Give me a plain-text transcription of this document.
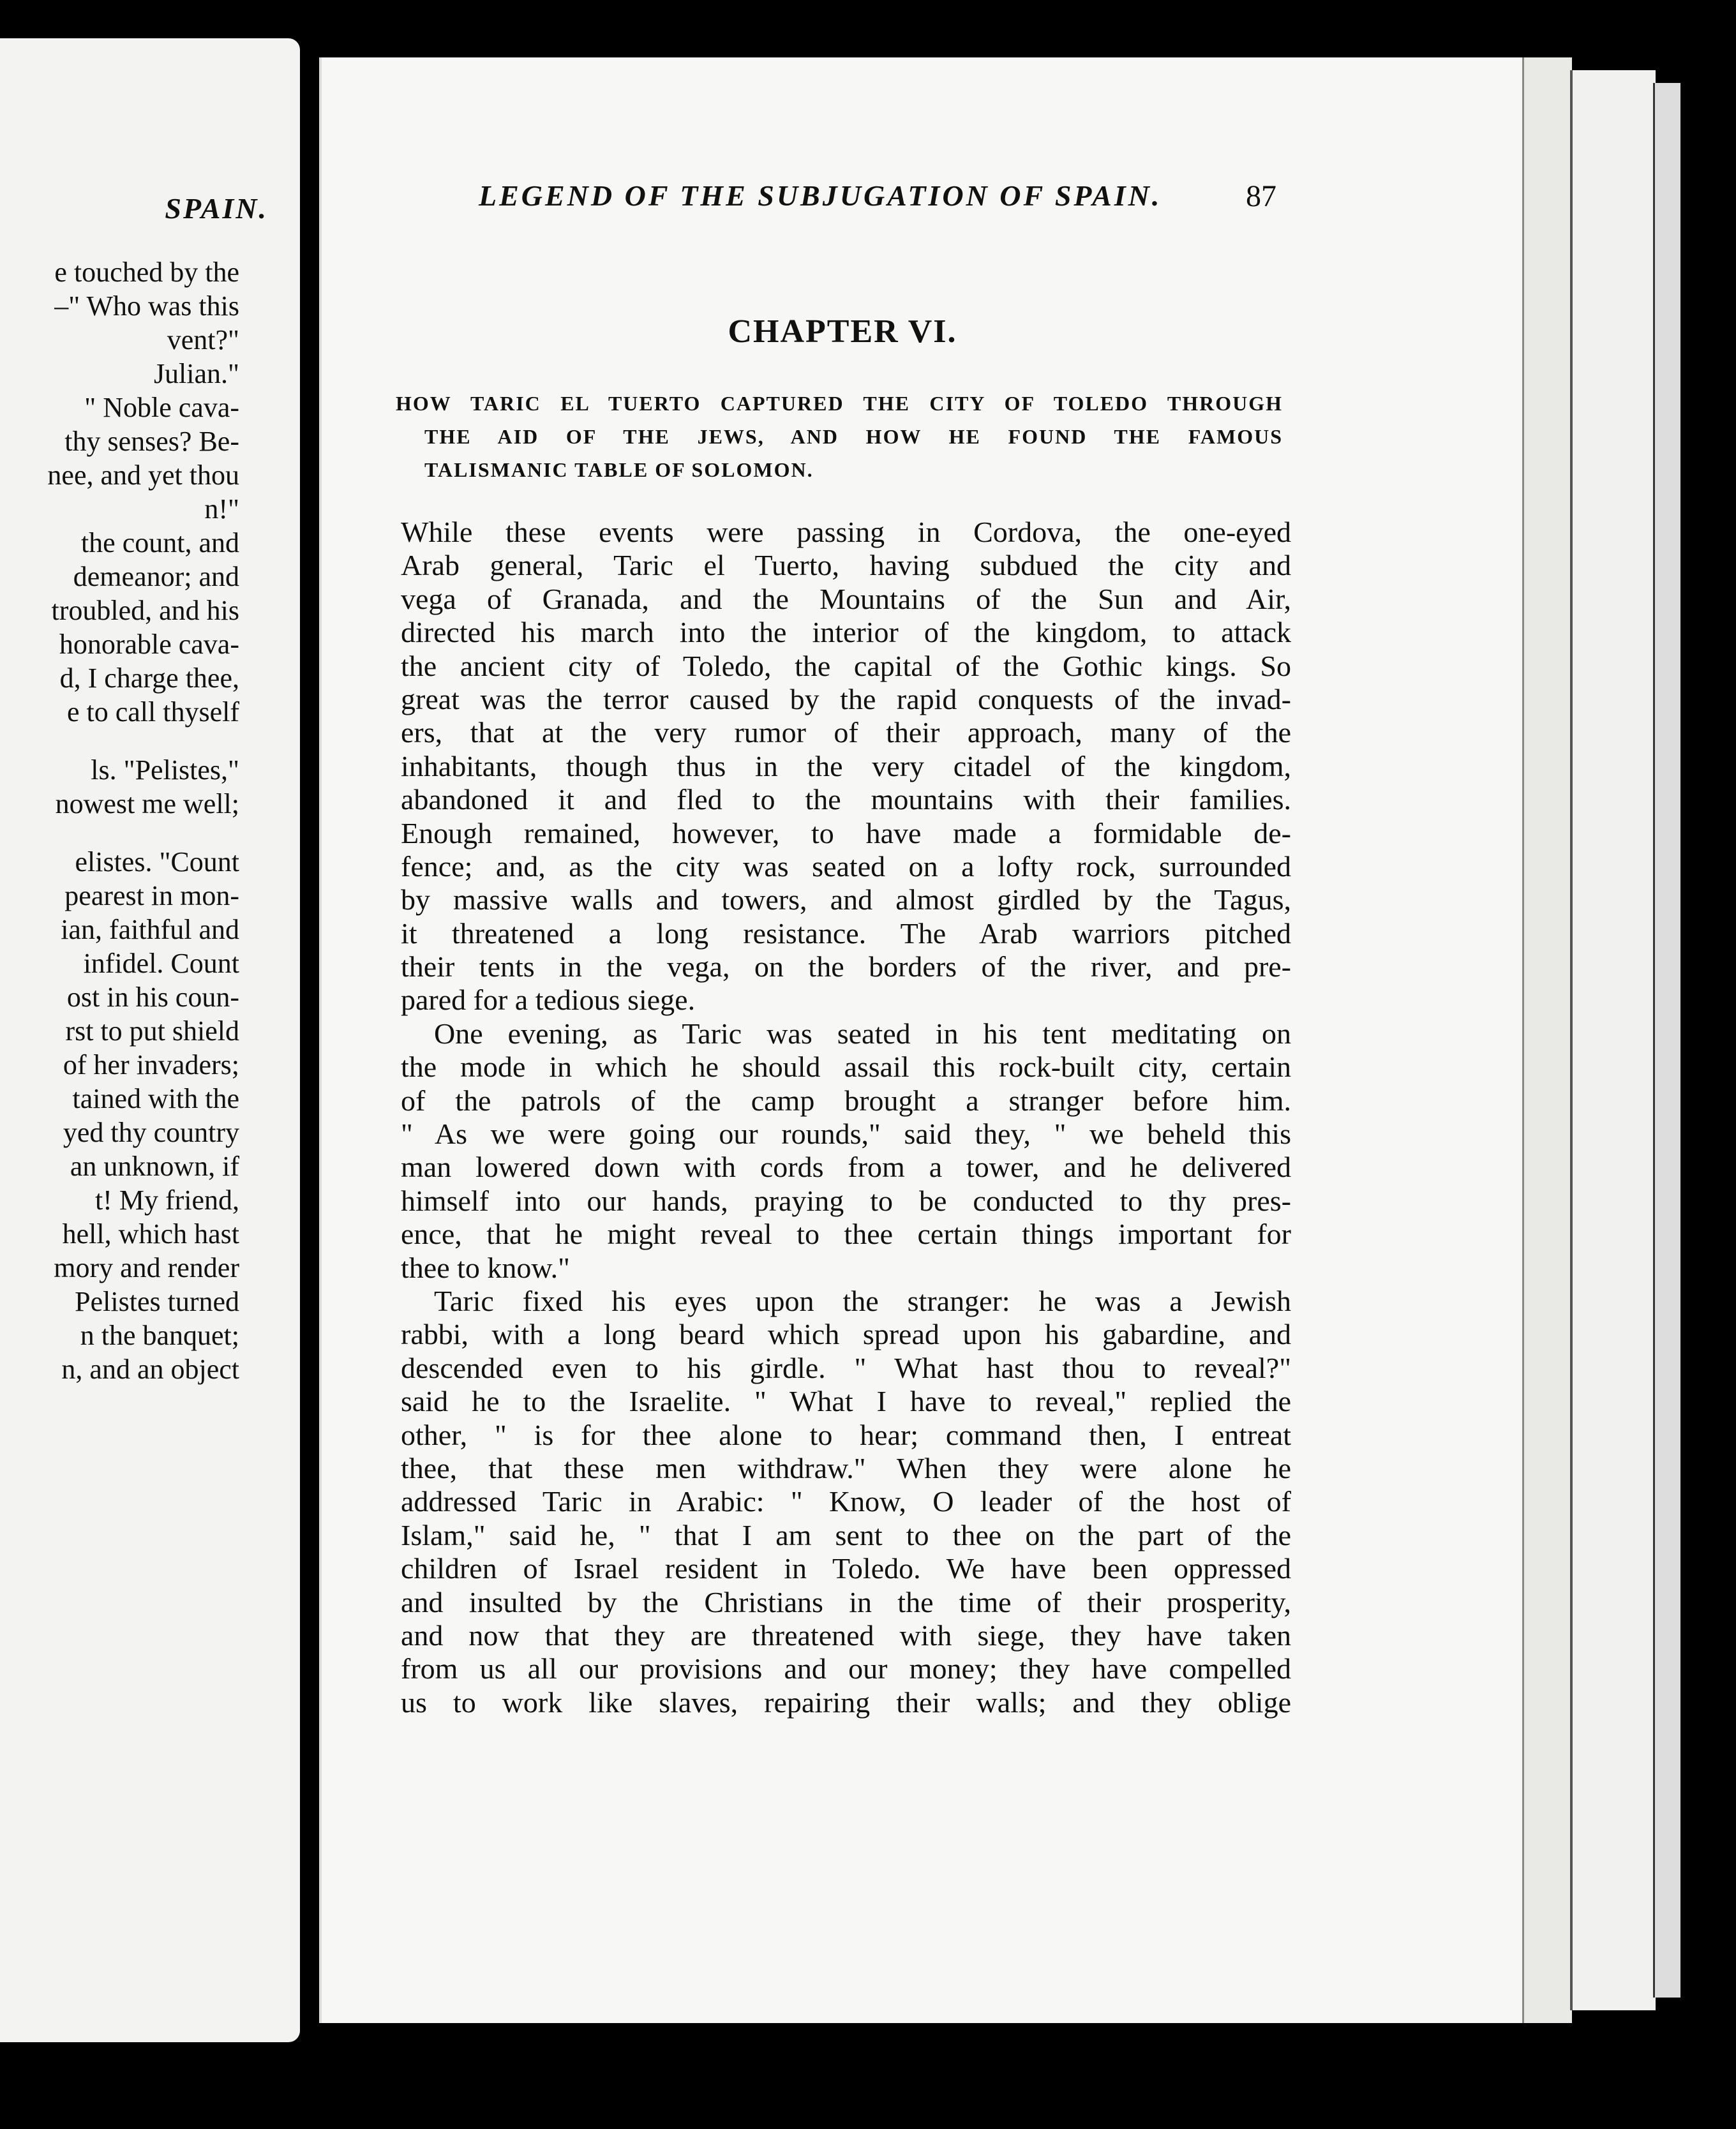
SPAIN.
e touched by the
–" Who was this
vent?"
Julian."
" Noble cava-
thy senses? Be-
nee, and yet thou
n!"
the count, and
demeanor; and
troubled, and his
honorable cava-
d, I charge thee,
e to call thyself
ls. "Pelistes,"
nowest me well;
elistes. "Count
pearest in mon-
ian, faithful and
infidel. Count
ost in his coun-
rst to put shield
of her invaders;
tained with the
yed thy country
an unknown, if
t! My friend,
hell, which hast
mory and render
Pelistes turned
n the banquet;
n, and an object
LEGEND OF THE SUBJUGATION OF SPAIN.	87
CHAPTER VI.
HOW TARIC EL TUERTO CAPTURED THE CITY OF TOLEDO THROUGH
THE AID OF THE JEWS, AND HOW HE FOUND THE FAMOUS
TALISMANIC TABLE OF SOLOMON.
While these events were passing in Cordova, the one-eyed
Arab general, Taric el Tuerto, having subdued the city and
vega of Granada, and the Mountains of the Sun and Air,
directed his march into the interior of the kingdom, to attack
the ancient city of Toledo, the capital of the Gothic kings. So
great was the terror caused by the rapid conquests of the invad-
ers, that at the very rumor of their approach, many of the
inhabitants, though thus in the very citadel of the kingdom,
abandoned it and fled to the mountains with their families.
Enough remained, however, to have made a formidable de-
fence; and, as the city was seated on a lofty rock, surrounded
by massive walls and towers, and almost girdled by the Tagus,
it threatened a long resistance. The Arab warriors pitched
their tents in the vega, on the borders of the river, and pre-
pared for a tedious siege.
One evening, as Taric was seated in his tent meditating on
the mode in which he should assail this rock-built city, certain
of the patrols of the camp brought a stranger before him.
" As we were going our rounds," said they, " we beheld this
man lowered down with cords from a tower, and he delivered
himself into our hands, praying to be conducted to thy pres-
ence, that he might reveal to thee certain things important for
thee to know."
Taric fixed his eyes upon the stranger: he was a Jewish
rabbi, with a long beard which spread upon his gabardine, and
descended even to his girdle. " What hast thou to reveal?"
said he to the Israelite. " What I have to reveal," replied the
other, " is for thee alone to hear; command then, I entreat
thee, that these men withdraw." When they were alone he
addressed Taric in Arabic: " Know, O leader of the host of
Islam," said he, " that I am sent to thee on the part of the
children of Israel resident in Toledo. We have been oppressed
and insulted by the Christians in the time of their prosperity,
and now that they are threatened with siege, they have taken
from us all our provisions and our money; they have compelled
us to work like slaves, repairing their walls; and they oblige
